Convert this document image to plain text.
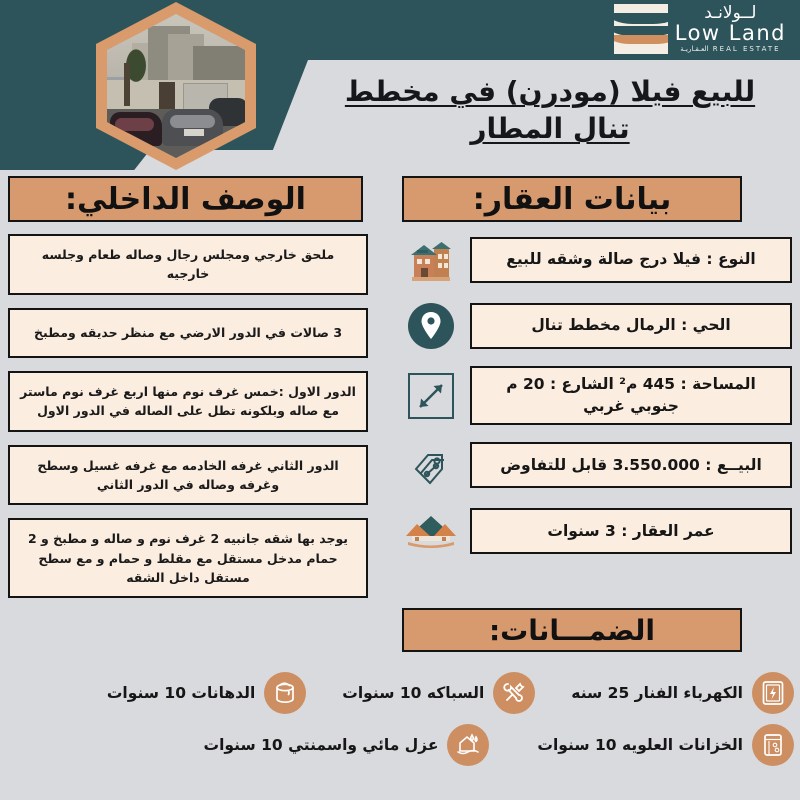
لــولانـد
Low Land
REAL ESTATE العـقـاريـة
للبيع فيلا (مودرن) في مخطط تنال المطار

الوصف الداخلي:	بيانات العقار:
الضمـــانات:
ملحق خارجي ومجلس رجال وصاله طعام وجلسه خارجيه
3 صالات في الدور الارضي مع منظر حديقه ومطبخ
الدور الاول :خمس غرف نوم منها اربع غرف نوم ماستر مع صاله وبلكونه تطل على الصاله في الدور الاول
الدور الثاني غرفه الخادمه مع غرفه غسيل وسطح وغرفه وصاله في الدور الثاني
يوجد بها شقه جانبيه 2 غرف نوم و صاله و مطبخ و 2 حمام مدخل مستقل مع مقلط و حمام و مع سطح مستقل داخل الشقه
النوع : فيلا درج صالة وشقه للبيع
الحي : الرمال مخطط تنال
المساحة : 445 م² الشارع : 20 م جنوبي غربي
البيــع : 3.550.000 قابل للتفاوض
عمر العقار : 3 سنوات
الكهرباء الفنار 25 سنه
السباكه 10 سنوات
الدهانات 10 سنوات
الخزانات العلويه 10 سنوات
عزل مائي واسمنتي 10 سنوات
